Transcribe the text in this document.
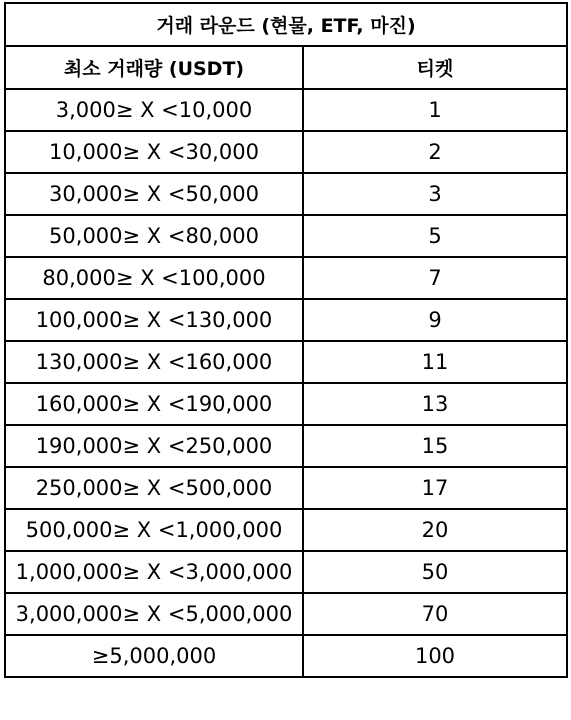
거래 라운드 (현물, ETF, 마진)	
최소 거래량 (USDT)	티켓
3,000≥ X <10,000	1
10,000≥ X <30,000	2
30,000≥ X <50,000	3
50,000≥ X <80,000	5
80,000≥ X <100,000	7
100,000≥ X <130,000	9
130,000≥ X <160,000	11
160,000≥ X <190,000	13
190,000≥ X <250,000	15
250,000≥ X <500,000	17
500,000≥ X <1,000,000	20
1,000,000≥ X <3,000,000	50
3,000,000≥ X <5,000,000	70
≥5,000,000	100
